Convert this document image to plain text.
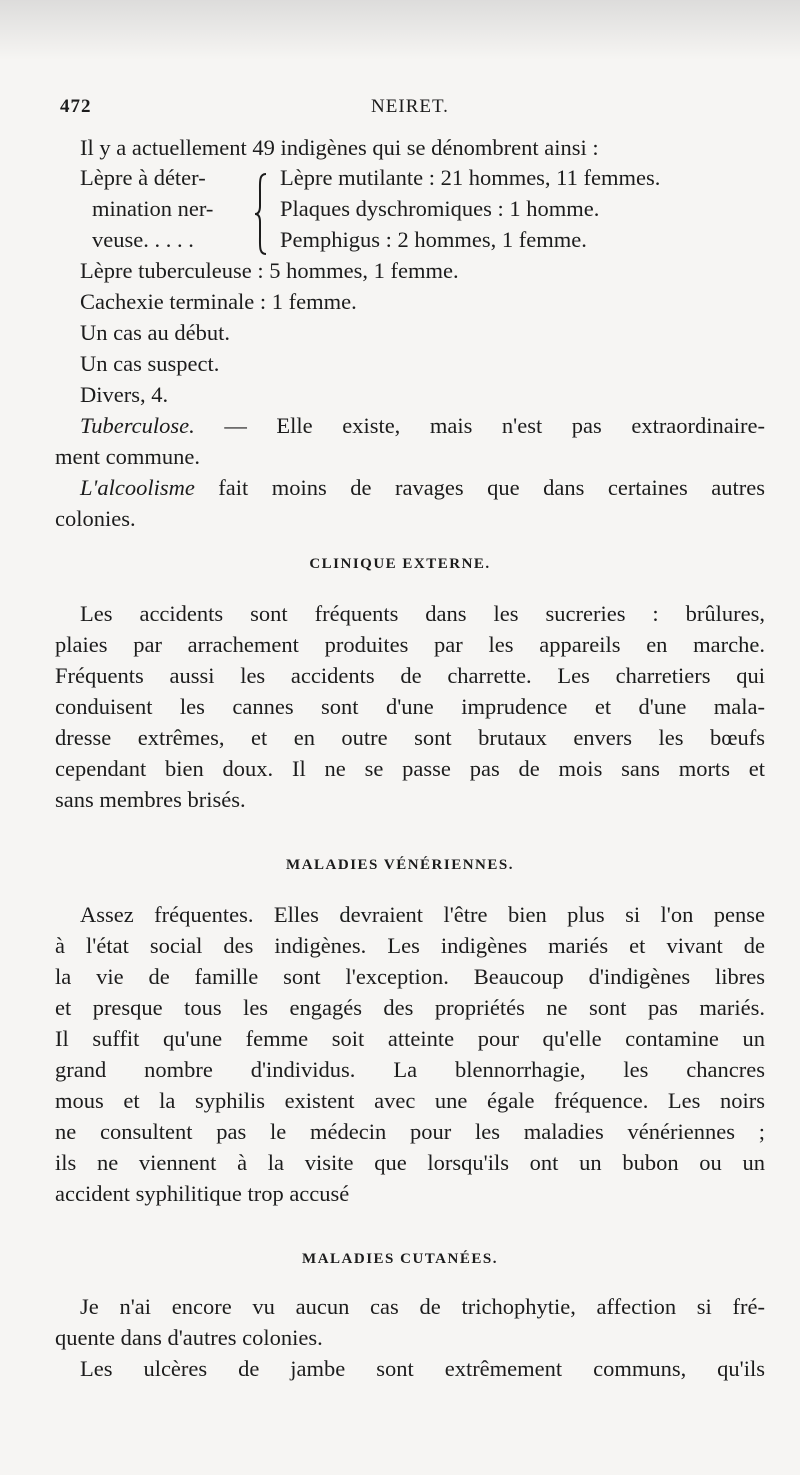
472	NEIRET.
Il y a actuellement 49 indigènes qui se dénombrent ainsi :
Lèpre à déter-
mination ner-
veuse. . . . .
Lèpre mutilante : 21 hommes, 11 femmes.
Plaques dyschromiques : 1 homme.
Pemphigus : 2 hommes, 1 femme.
Lèpre tuberculeuse : 5 hommes, 1 femme.
Cachexie terminale : 1 femme.
Un cas au début.
Un cas suspect.
Divers, 4.
Tuberculose. — Elle existe, mais n'est pas extraordinaire-
ment commune.
L'alcoolisme fait moins de ravages que dans certaines autres
colonies.
CLINIQUE EXTERNE.
Les accidents sont fréquents dans les sucreries : brûlures,
plaies par arrachement produites par les appareils en marche.
Fréquents aussi les accidents de charrette. Les charretiers qui
conduisent les cannes sont d'une imprudence et d'une mala-
dresse extrêmes, et en outre sont brutaux envers les bœufs
cependant bien doux. Il ne se passe pas de mois sans morts et
sans membres brisés.
MALADIES VÉNÉRIENNES.
Assez fréquentes. Elles devraient l'être bien plus si l'on pense
à l'état social des indigènes. Les indigènes mariés et vivant de
la vie de famille sont l'exception. Beaucoup d'indigènes libres
et presque tous les engagés des propriétés ne sont pas mariés.
Il suffit qu'une femme soit atteinte pour qu'elle contamine un
grand nombre d'individus. La blennorrhagie, les chancres
mous et la syphilis existent avec une égale fréquence. Les noirs
ne consultent pas le médecin pour les maladies vénériennes ;
ils ne viennent à la visite que lorsqu'ils ont un bubon ou un
accident syphilitique trop accusé
MALADIES CUTANÉES.
Je n'ai encore vu aucun cas de trichophytie, affection si fré-
quente dans d'autres colonies.
Les ulcères de jambe sont extrêmement communs, qu'ils
